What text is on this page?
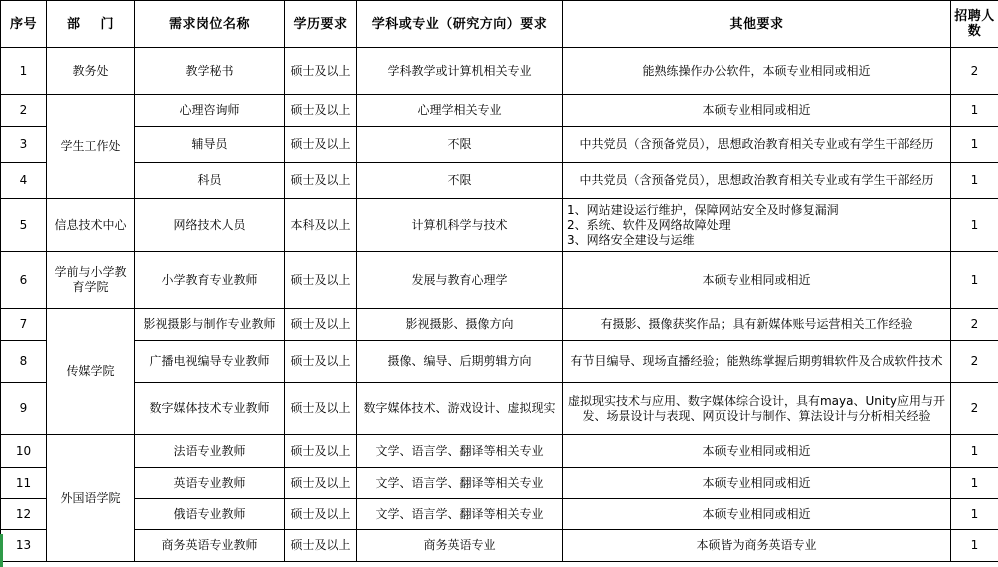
序号	部    门	需求岗位名称	学历要求	学科或专业（研究方向）要求	其他要求	招聘人数
1	教务处	教学秘书	硕士及以上	学科教学或计算机相关专业	能熟练操作办公软件，本硕专业相同或相近	2
2	学生工作处	心理咨询师	硕士及以上	心理学相关专业	本硕专业相同或相近	1
3		辅导员	硕士及以上	不限	中共党员（含预备党员），思想政治教育相关专业或有学生干部经历	1
4		科员	硕士及以上	不限	中共党员（含预备党员），思想政治教育相关专业或有学生干部经历	1
5	信息技术中心	网络技术人员	本科及以上	计算机科学与技术	1、网站建设运行维护，保障网站安全及时修复漏洞
2、系统、软件及网络故障处理
3、网络安全建设与运维	1
6	学前与小学教育学院	小学教育专业教师	硕士及以上	发展与教育心理学	本硕专业相同或相近	1
7	传媒学院	影视摄影与制作专业教师	硕士及以上	影视摄影、摄像方向	有摄影、摄像获奖作品；具有新媒体账号运营相关工作经验	2
8		广播电视编导专业教师	硕士及以上	摄像、编导、后期剪辑方向	有节目编导、现场直播经验；能熟练掌握后期剪辑软件及合成软件技术	2
9		数字媒体技术专业教师	硕士及以上	数字媒体技术、游戏设计、虚拟现实	虚拟现实技术与应用、数字媒体综合设计，具有maya、Unity应用与开发、场景设计与表现、网页设计与制作、算法设计与分析相关经验	2
10	外国语学院	法语专业教师	硕士及以上	文学、语言学、翻译等相关专业	本硕专业相同或相近	1
11		英语专业教师	硕士及以上	文学、语言学、翻译等相关专业	本硕专业相同或相近	1
12		俄语专业教师	硕士及以上	文学、语言学、翻译等相关专业	本硕专业相同或相近	1
13		商务英语专业教师	硕士及以上	商务英语专业	本硕皆为商务英语专业	1
